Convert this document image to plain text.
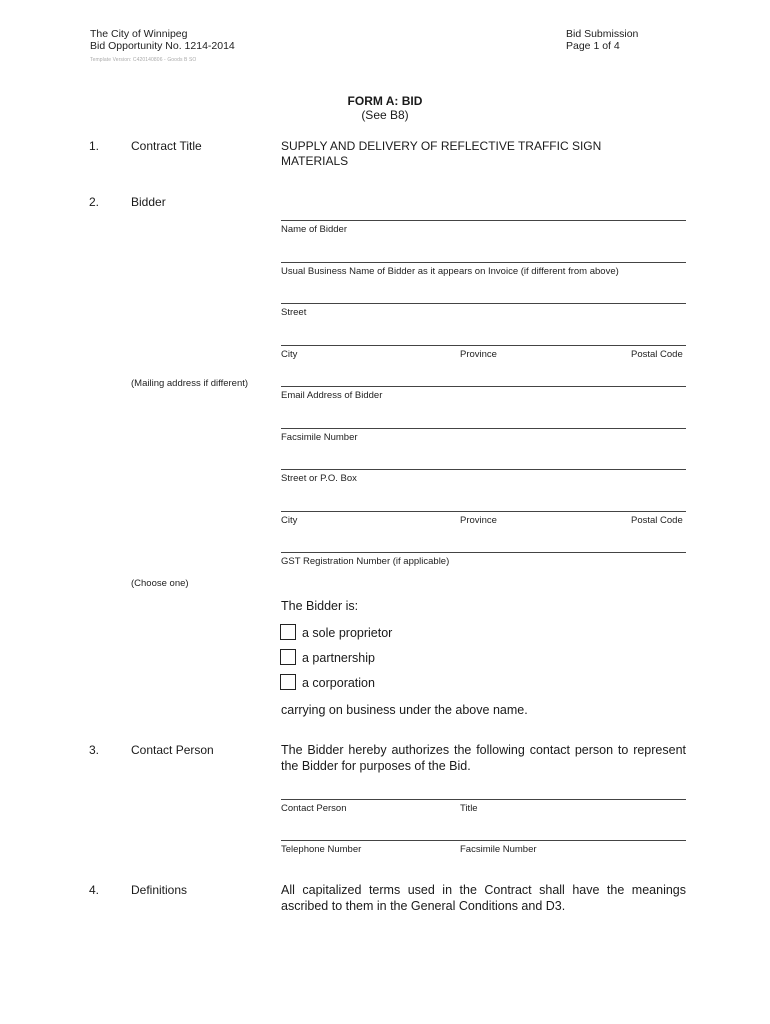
The City of Winnipeg
Bid Opportunity No. 1214-2014
Template Version: C420140806 - Goods B SO
Bid Submission
Page 1 of 4
FORM A: BID
(See B8)
1.	Contract Title	SUPPLY AND DELIVERY OF REFLECTIVE TRAFFIC SIGN
MATERIALS
2.	Bidder
Name of Bidder
Usual Business Name of Bidder as it appears on Invoice (if different from above)
Street
City	Province	Postal Code
(Mailing address if different)
Email Address of Bidder
Facsimile Number
Street or P.O. Box
City	Province	Postal Code
GST Registration Number (if applicable)
(Choose one)
The Bidder is:
a sole proprietor
a partnership
a corporation
carrying on business under the above name.
3.	Contact Person	The Bidder hereby authorizes the following contact person to represent the Bidder for purposes of the Bid.
Contact Person	Title
Telephone Number	Facsimile Number
4.	Definitions	All capitalized terms used in the Contract shall have the meanings ascribed to them in the General Conditions and D3.
